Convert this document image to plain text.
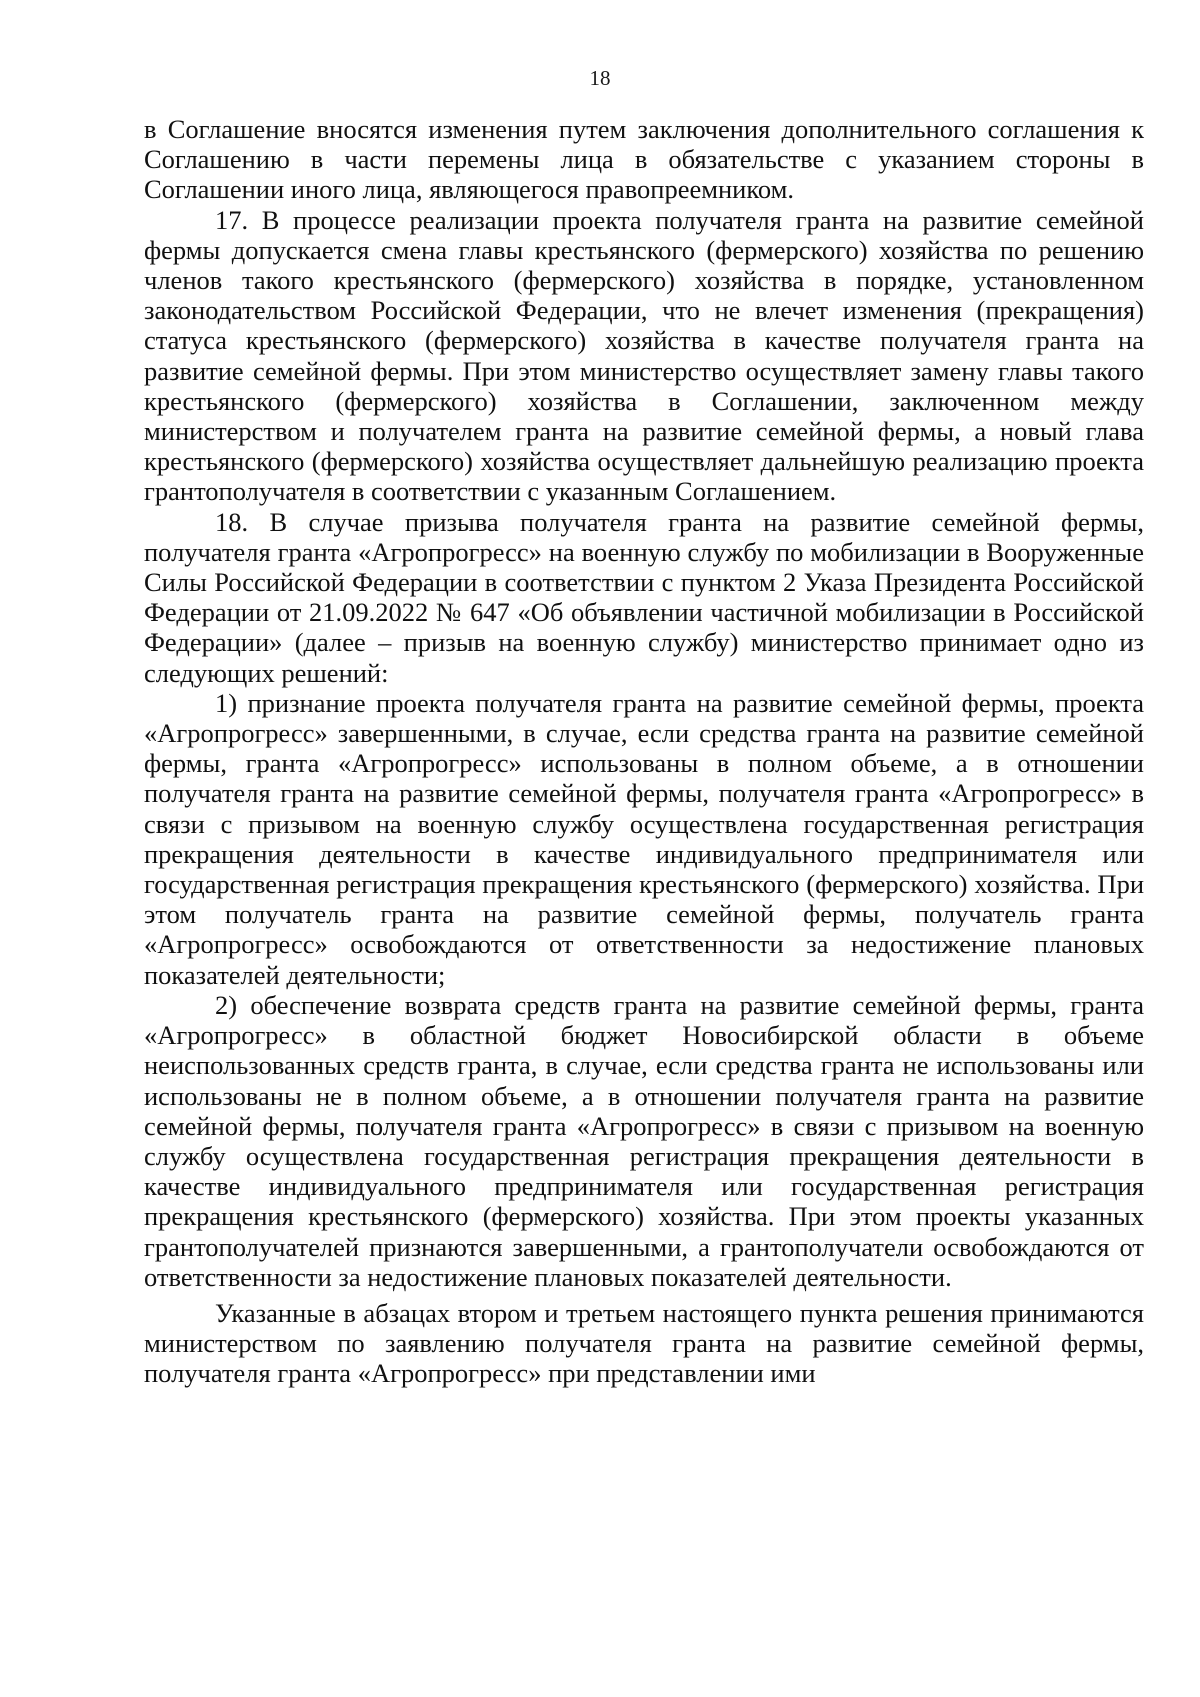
18

в Соглашение вносятся изменения путем заключения дополнительного соглашения к Соглашению в части перемены лица в обязательстве с указанием стороны в Соглашении иного лица, являющегося правопреемником.

17. В процессе реализации проекта получателя гранта на развитие семейной фермы допускается смена главы крестьянского (фермерского) хозяйства по решению членов такого крестьянского (фермерского) хозяйства в порядке, установленном законодательством Российской Федерации, что не влечет изменения (прекращения) статуса крестьянского (фермерского) хозяйства в качестве получателя гранта на развитие семейной фермы. При этом министерство осуществляет замену главы такого крестьянского (фермерского) хозяйства в Соглашении, заключенном между министерством и получателем гранта на развитие семейной фермы, а новый глава крестьянского (фермерского) хозяйства осуществляет дальнейшую реализацию проекта грантополучателя в соответствии с указанным Соглашением.

18. В случае призыва получателя гранта на развитие семейной фермы, получателя гранта «Агропрогресс» на военную службу по мобилизации в Вооруженные Силы Российской Федерации в соответствии с пунктом 2 Указа Президента Российской Федерации от 21.09.2022 № 647 «Об объявлении частичной мобилизации в Российской Федерации» (далее – призыв на военную службу) министерство принимает одно из следующих решений:

1) признание проекта получателя гранта на развитие семейной фермы, проекта «Агропрогресс» завершенными, в случае, если средства гранта на развитие семейной фермы, гранта «Агропрогресс» использованы в полном объеме, а в отношении получателя гранта на развитие семейной фермы, получателя гранта «Агропрогресс» в связи с призывом на военную службу осуществлена государственная регистрация прекращения деятельности в качестве индивидуального предпринимателя или государственная регистрация прекращения крестьянского (фермерского) хозяйства. При этом получатель гранта на развитие семейной фермы, получатель гранта «Агропрогресс» освобождаются от ответственности за недостижение плановых показателей деятельности;

2) обеспечение возврата средств гранта на развитие семейной фермы, гранта «Агропрогресс» в областной бюджет Новосибирской области в объеме неиспользованных средств гранта, в случае, если средства гранта не использованы или использованы не в полном объеме, а в отношении получателя гранта на развитие семейной фермы, получателя гранта «Агропрогресс» в связи с призывом на военную службу осуществлена государственная регистрация прекращения деятельности в качестве индивидуального предпринимателя или государственная регистрация прекращения крестьянского (фермерского) хозяйства. При этом проекты указанных грантополучателей признаются завершенными, а грантополучатели освобождаются от ответственности за недостижение плановых показателей деятельности.

Указанные в абзацах втором и третьем настоящего пункта решения принимаются министерством по заявлению получателя гранта на развитие семейной фермы, получателя гранта «Агропрогресс» при представлении ими
